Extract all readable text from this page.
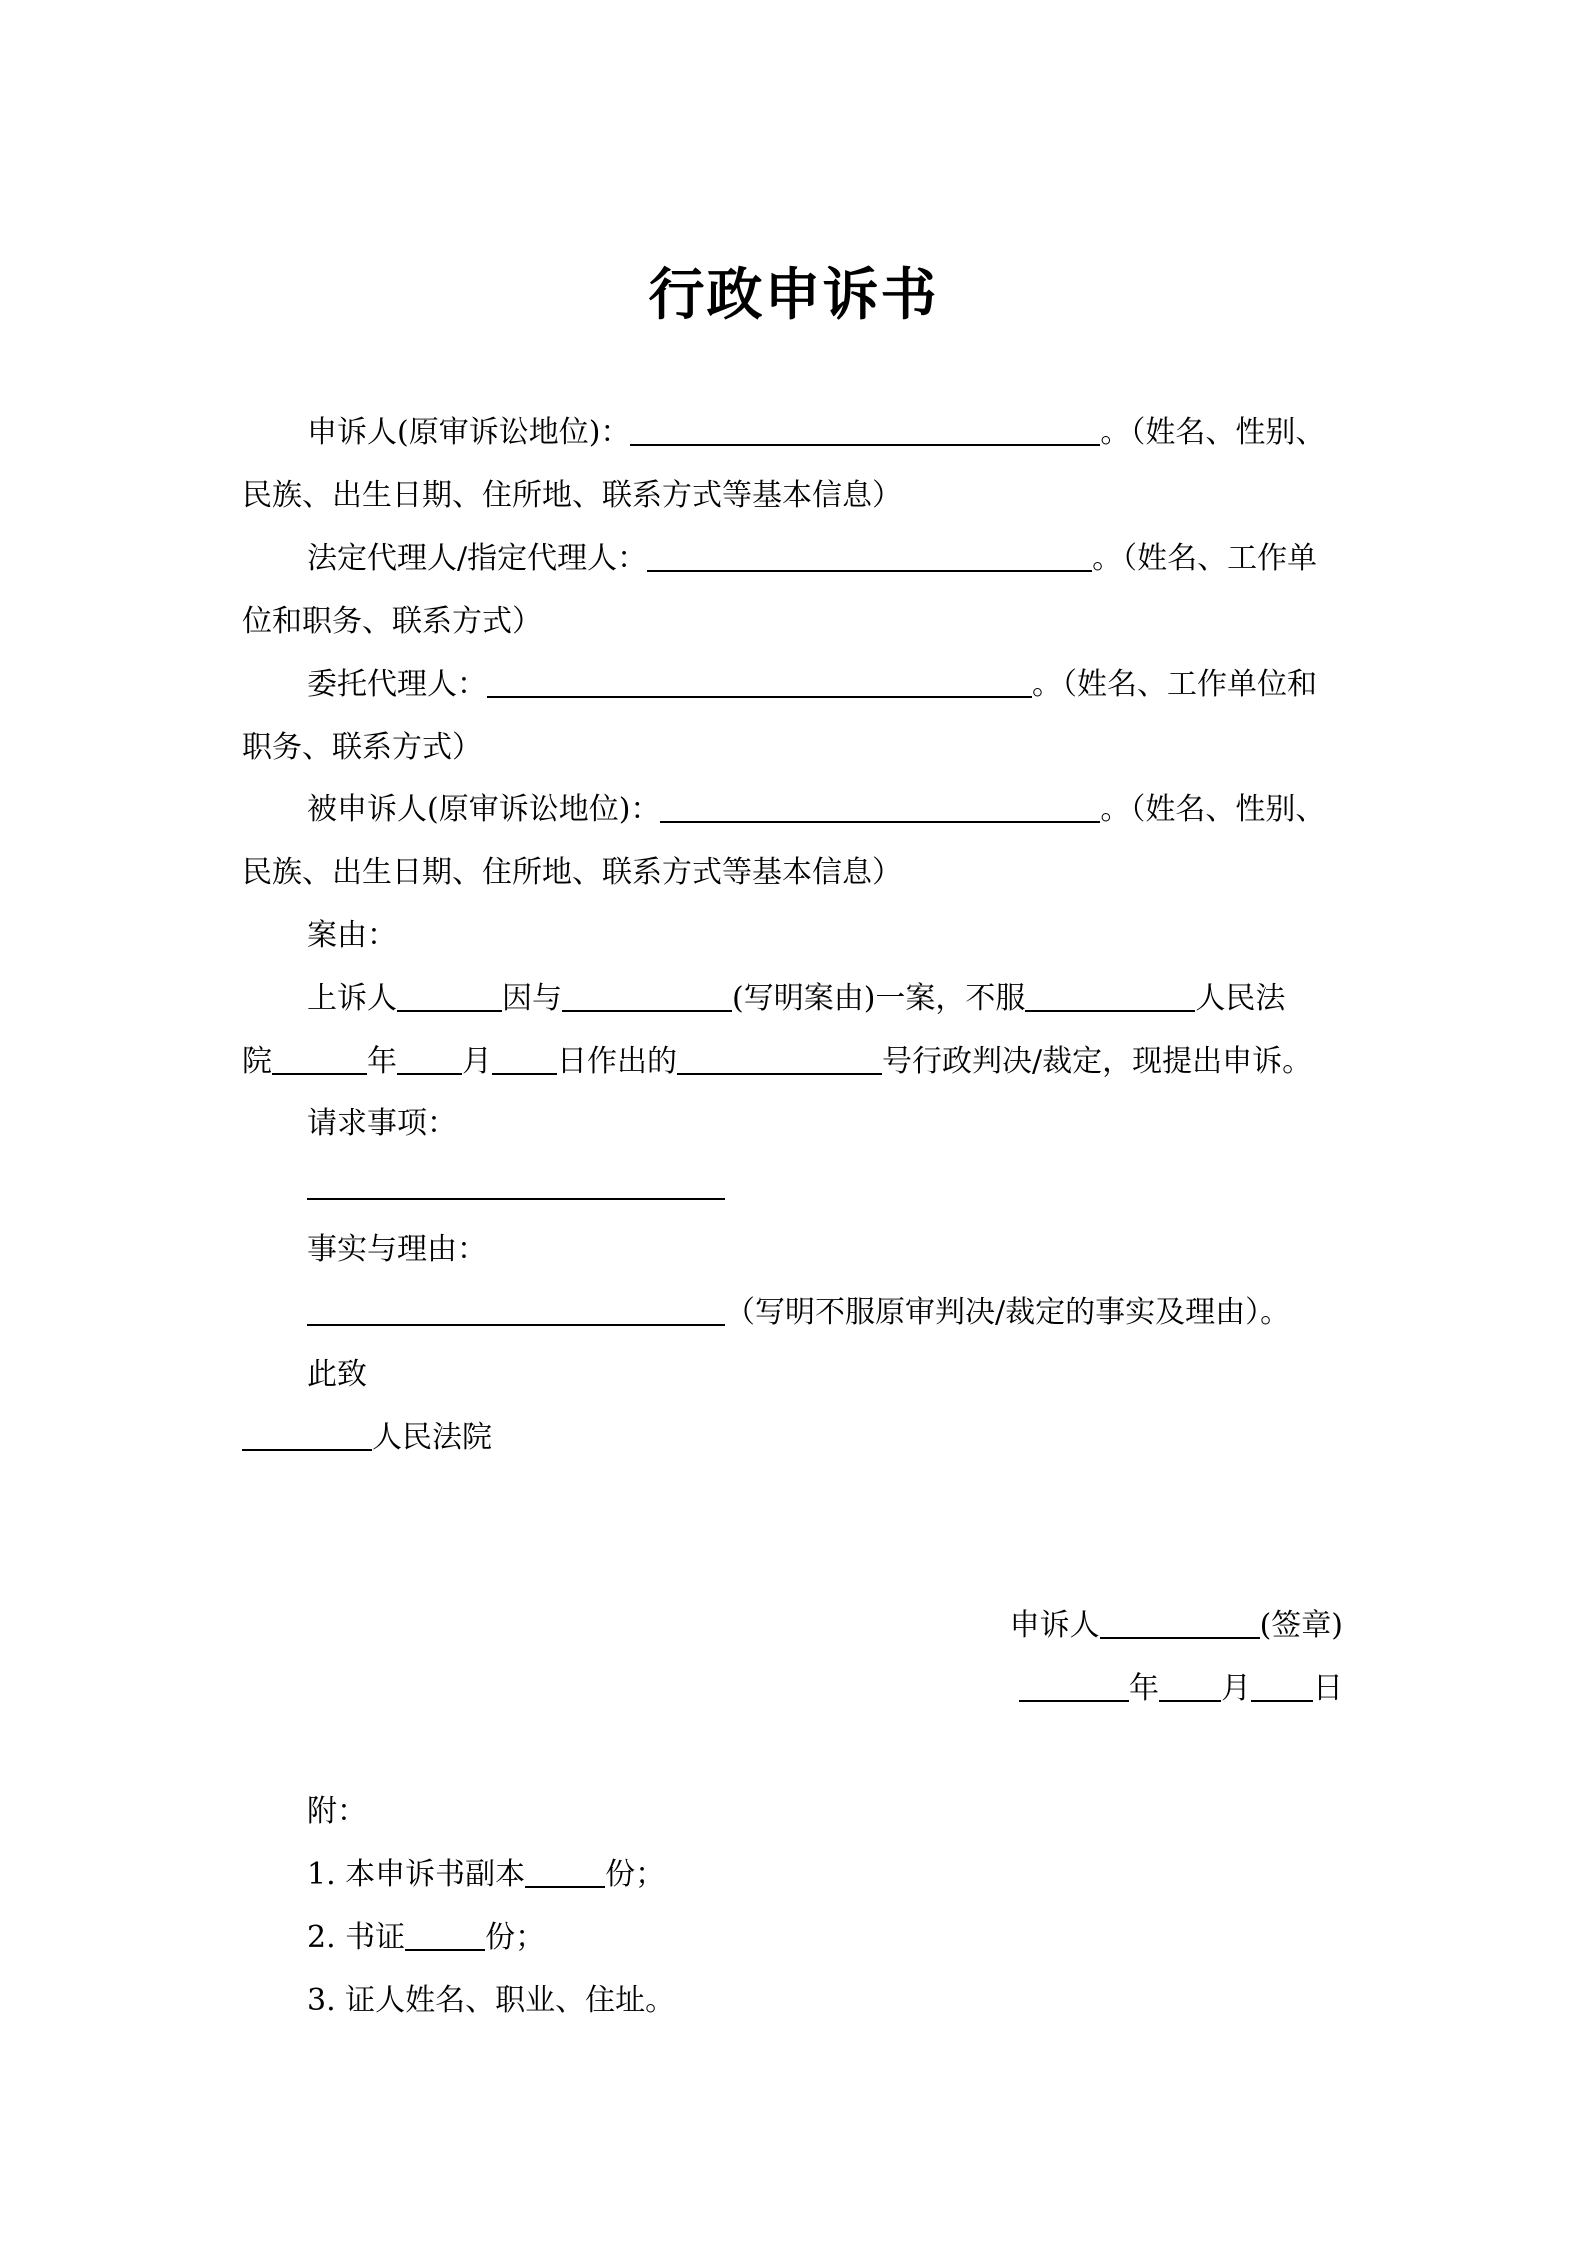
行政申诉书
申诉人(原审诉讼地位)：	。（姓名、性别、
民族、出生日期、住所地、联系方式等基本信息）
法定代理人/指定代理人：	。（姓名、工作单
位和职务、联系方式）
委托代理人：	。（姓名、工作单位和
职务、联系方式）
被申诉人(原审诉讼地位)：	。（姓名、性别、
民族、出生日期、住所地、联系方式等基本信息）
案由：
上诉人	因与	(写明案由)一案，不服	人民法
院	年 月 日作出的	号行政判决/裁定，现提出申诉。
请求事项：
事实与理由：
（写明不服原审判决/裁定的事实及理由）。
此致
人民法院
申诉人	(签章)
年 月 日
附：
1. 本申诉书副本	份；
2. 书证	份；
3. 证人姓名、职业、住址。
